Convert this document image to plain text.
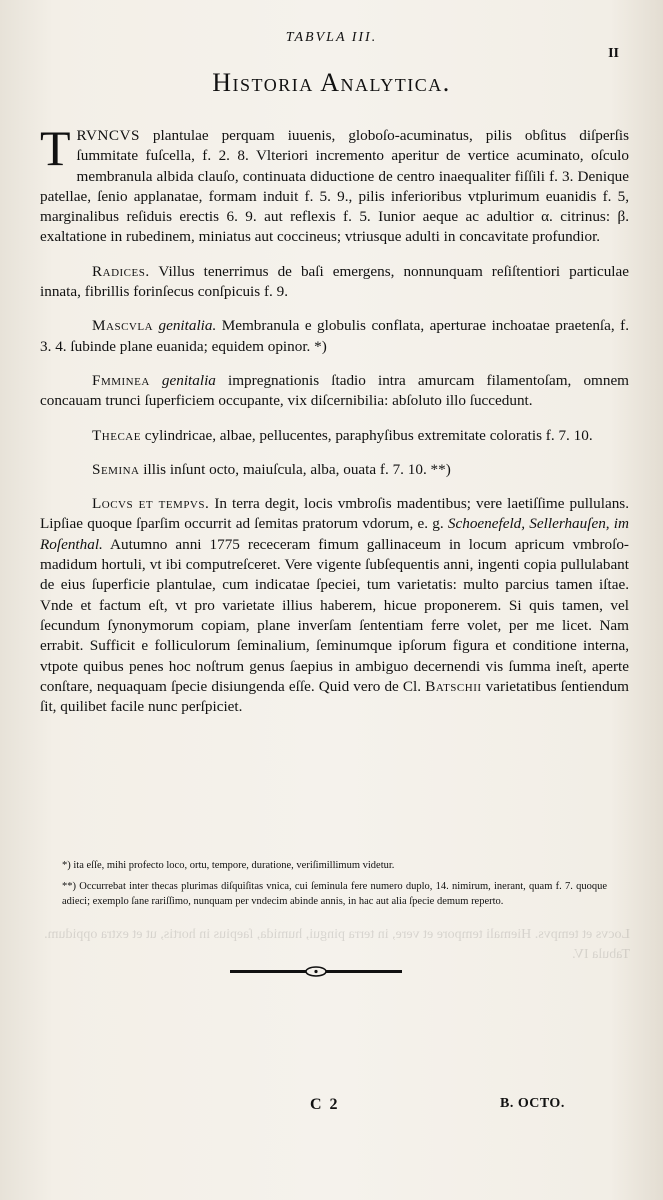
Locvs et tempvs. Hiemali tempore et vere, in terra pingui, humida, ſaepius in hortis, ut et extra oppidum. Tabula IV.
TABVLA III.
II
Historia Analytica.

TRVNCVS plantulae perquam iuuenis, globoſo-acuminatus, pilis obſitus diſperſis ſummitate fuſcella, f. 2. 8. Vlteriori incremento aperitur de vertice acuminato, oſculo membranula albida clauſo, continuata diductione de centro inaequaliter fiſſili f. 3. Denique patellae, ſenio applanatae, formam induit f. 5. 9., pilis inferioribus vtplurimum euanidis f. 5, marginalibus reſiduis erectis 6. 9. aut reflexis f. 5. Iunior aeque ac adultior α. citrinus: β. exaltatione in rubedinem, miniatus aut coccineus; vtriusque adulti in concavitate profundior.

Radices. Villus tenerrimus de baſi emergens, nonnunquam reſiſtentiori particulae innata, fibrillis forinſecus conſpicuis f. 9.

Mascvla genitalia. Membranula e globulis conflata, aperturae inchoatae praetenſa, f. 3. 4. ſubinde plane euanida; equidem opinor. *)

Fmminea genitalia impregnationis ſtadio intra amurcam filamentoſam, omnem concauam trunci ſuperficiem occupante, vix diſcernibilia: abſoluto illo ſuccedunt.

Thecae cylindricae, albae, pellucentes, paraphyſibus extremitate coloratis f. 7. 10.

Semina illis inſunt octo, maiuſcula, alba, ouata f. 7. 10. **)

Locvs et tempvs. In terra degit, locis vmbroſis madentibus; vere laetiſſime pullulans. Lipſiae quoque ſparſim occurrit ad ſemitas pratorum vdorum, e. g. Schoenefeld, Sellerhauſen, im Roſenthal. Autumno anni 1775 receceram fimum gallinaceum in locum apricum vmbroſo-madidum hortuli, vt ibi computreſceret. Vere vigente ſubſequentis anni, ingenti copia pullulabant de eius ſuperficie plantulae, cum indicatae ſpeciei, tum varietatis: multo parcius tamen iſtae. Vnde et factum eſt, vt pro varietate illius haberem, hicue proponerem. Si quis tamen, vel ſecundum ſynonymorum copiam, plane inverſam ſententiam ferre volet, per me licet. Nam errabit. Sufficit e folliculorum ſeminalium, ſeminumque ipſorum figura et conditione interna, vtpote quibus penes hoc noſtrum genus ſaepius in ambiguo decernendi vis ſumma ineſt, aperte conſtare, nequaquam ſpecie disiungenda eſſe. Quid vero de Cl. Batschii varietatibus ſentiendum ſit, quilibet facile nunc perſpiciet.

*) ita eſſe, mihi profecto loco, ortu, tempore, duratione, veriſimillimum videtur.

**) Occurrebat inter thecas plurimas diſquiſitas vnica, cui ſeminula fere numero duplo, 14. nimirum, inerant, quam f. 7. quoque adieci; exemplo ſane rariſſimo, nunquam per vndecim abinde annis, in hac aut alia ſpecie demum reperto.

C 2	B. OCTO.
